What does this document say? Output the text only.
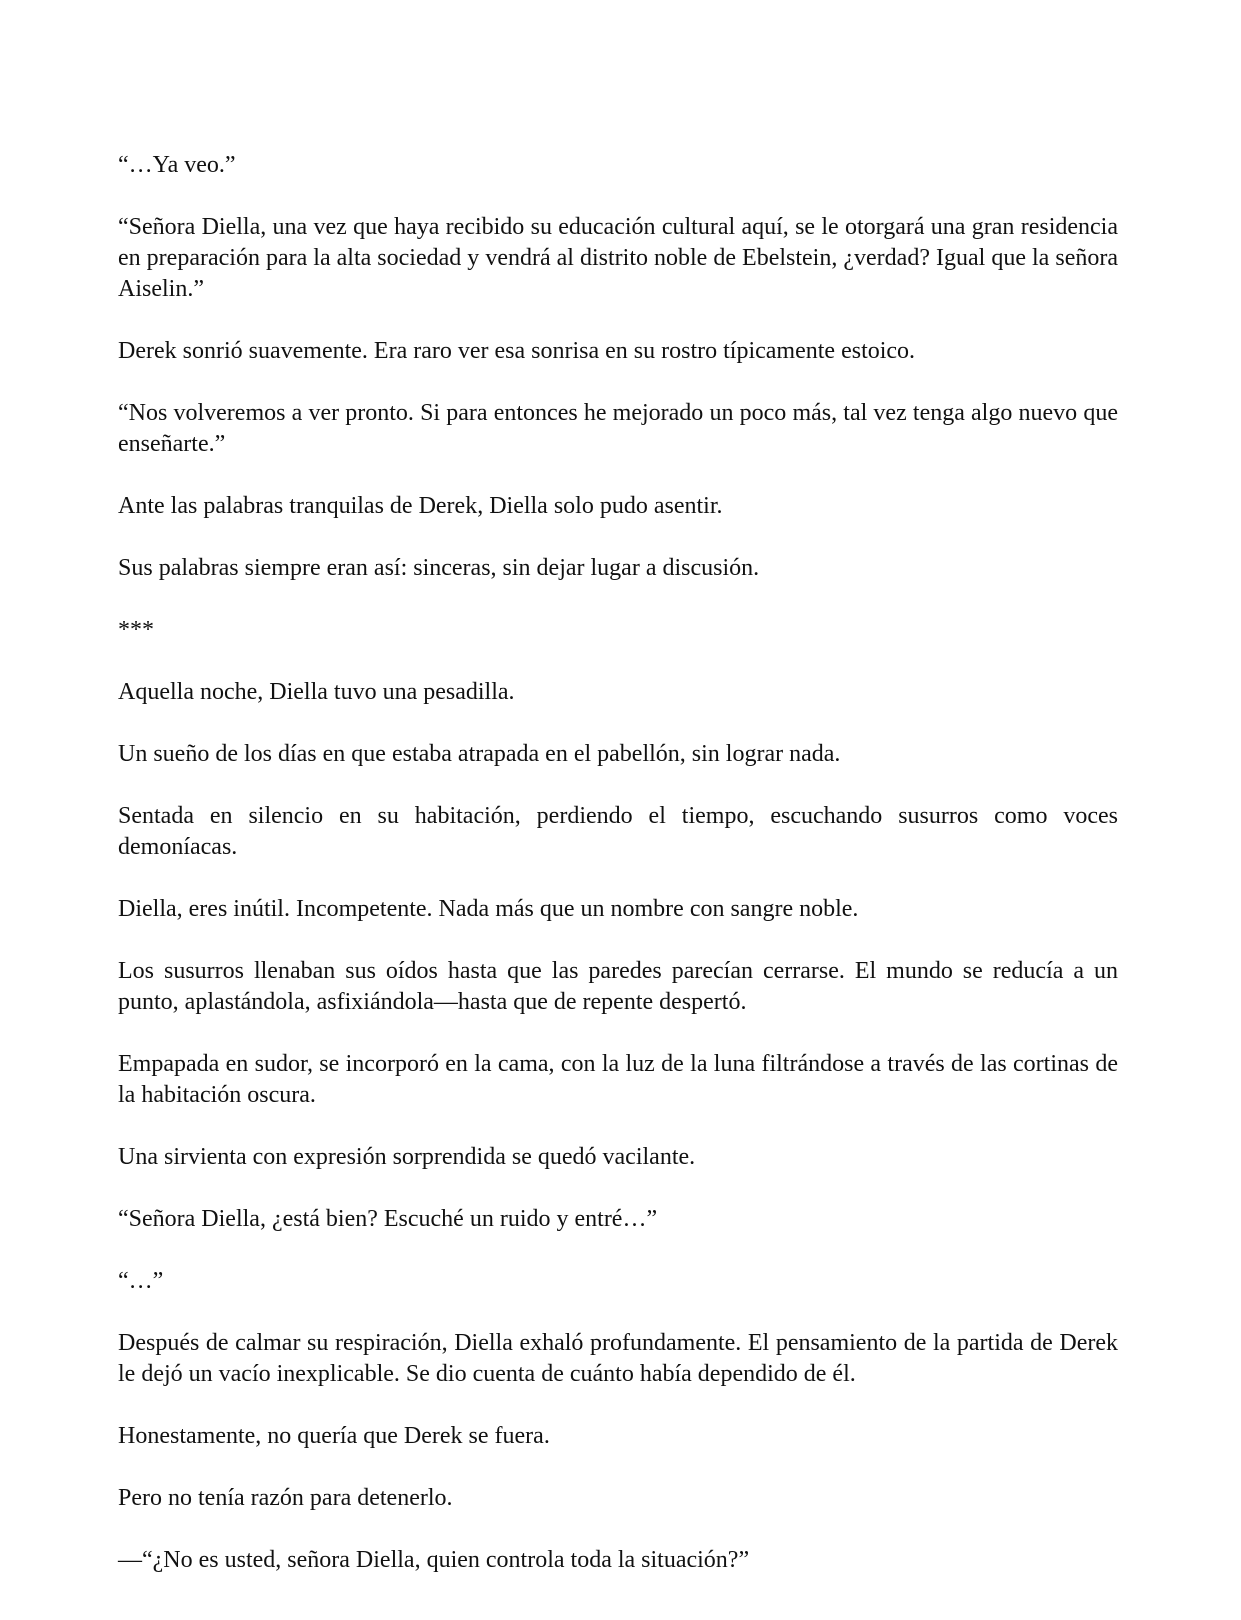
“…Ya veo.”

“Señora Diella, una vez que haya recibido su educación cultural aquí, se le otorgará una gran residencia en preparación para la alta sociedad y vendrá al distrito noble de Ebelstein, ¿verdad? Igual que la señora Aiselin.”

Derek sonrió suavemente. Era raro ver esa sonrisa en su rostro típicamente estoico.

“Nos volveremos a ver pronto. Si para entonces he mejorado un poco más, tal vez tenga algo nuevo que enseñarte.”

Ante las palabras tranquilas de Derek, Diella solo pudo asentir.

Sus palabras siempre eran así: sinceras, sin dejar lugar a discusión.

***

Aquella noche, Diella tuvo una pesadilla.

Un sueño de los días en que estaba atrapada en el pabellón, sin lograr nada.

Sentada en silencio en su habitación, perdiendo el tiempo, escuchando susurros como voces demoníacas.

Diella, eres inútil. Incompetente. Nada más que un nombre con sangre noble.

Los susurros llenaban sus oídos hasta que las paredes parecían cerrarse. El mundo se reducía a un punto, aplastándola, asfixiándola—hasta que de repente despertó.

Empapada en sudor, se incorporó en la cama, con la luz de la luna filtrándose a través de las cortinas de la habitación oscura.

Una sirvienta con expresión sorprendida se quedó vacilante.

“Señora Diella, ¿está bien? Escuché un ruido y entré…”

“…”

Después de calmar su respiración, Diella exhaló profundamente. El pensamiento de la partida de Derek le dejó un vacío inexplicable. Se dio cuenta de cuánto había dependido de él.

Honestamente, no quería que Derek se fuera.

Pero no tenía razón para detenerlo.

—“¿No es usted, señora Diella, quien controla toda la situación?”
